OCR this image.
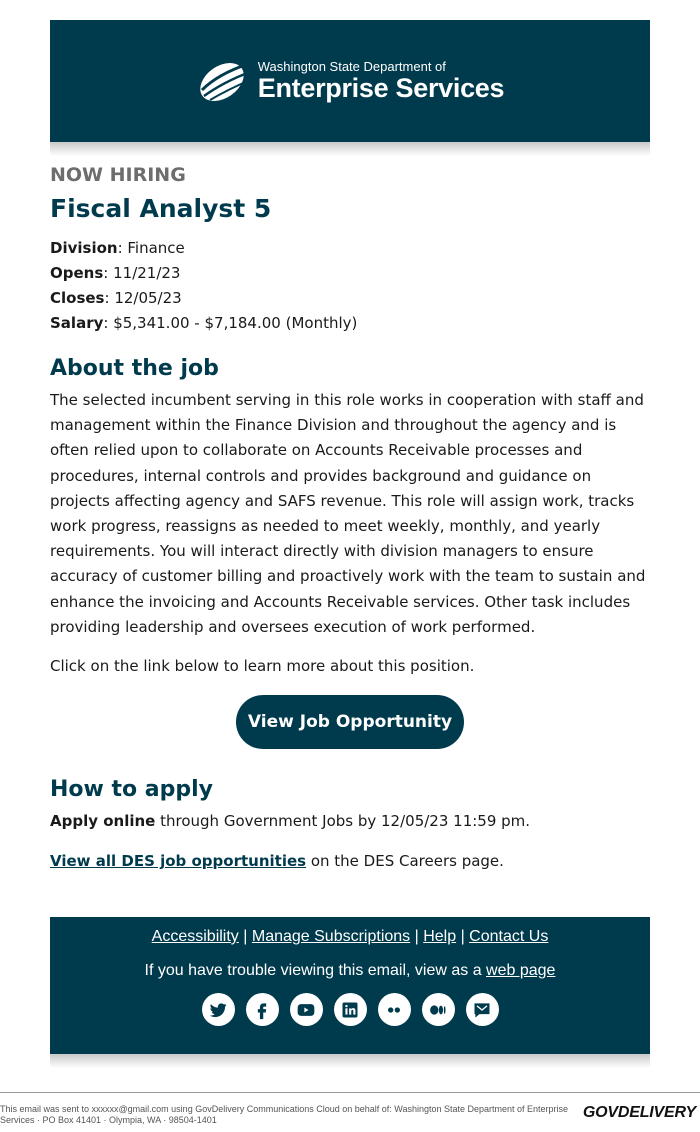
Washington State Department of
Enterprise Services

NOW HIRING

Fiscal Analyst 5

Division: Finance

Opens: 11/21/23

Closes: 12/05/23

Salary: $5,341.00 - $7,184.00 (Monthly)

About the job

The selected incumbent serving in this role works in cooperation with staff and management within the Finance Division and throughout the agency and is often relied upon to collaborate on Accounts Receivable processes and procedures, internal controls and provides background and guidance on projects affecting agency and SAFS revenue. This role will assign work, tracks work progress, reassigns as needed to meet weekly, monthly, and yearly requirements. You will interact directly with division managers to ensure accuracy of customer billing and proactively work with the team to sustain and enhance the invoicing and Accounts Receivable services. Other task includes providing leadership and oversees execution of work performed.

Click on the link below to learn more about this position.

View Job Opportunity
How to apply

Apply online through Government Jobs by 12/05/23 11:59 pm.

View all DES job opportunities on the DES Careers page.

Accessibility | Manage Subscriptions | Help | Contact Us
If you have trouble viewing this email, view as a web page
This email was sent to xxxxxx@gmail.com using GovDelivery Communications Cloud on behalf of: Washington State Department of Enterprise Services · PO Box 41401 · Olympia, WA · 98504-1401	GOVDELIVERY
